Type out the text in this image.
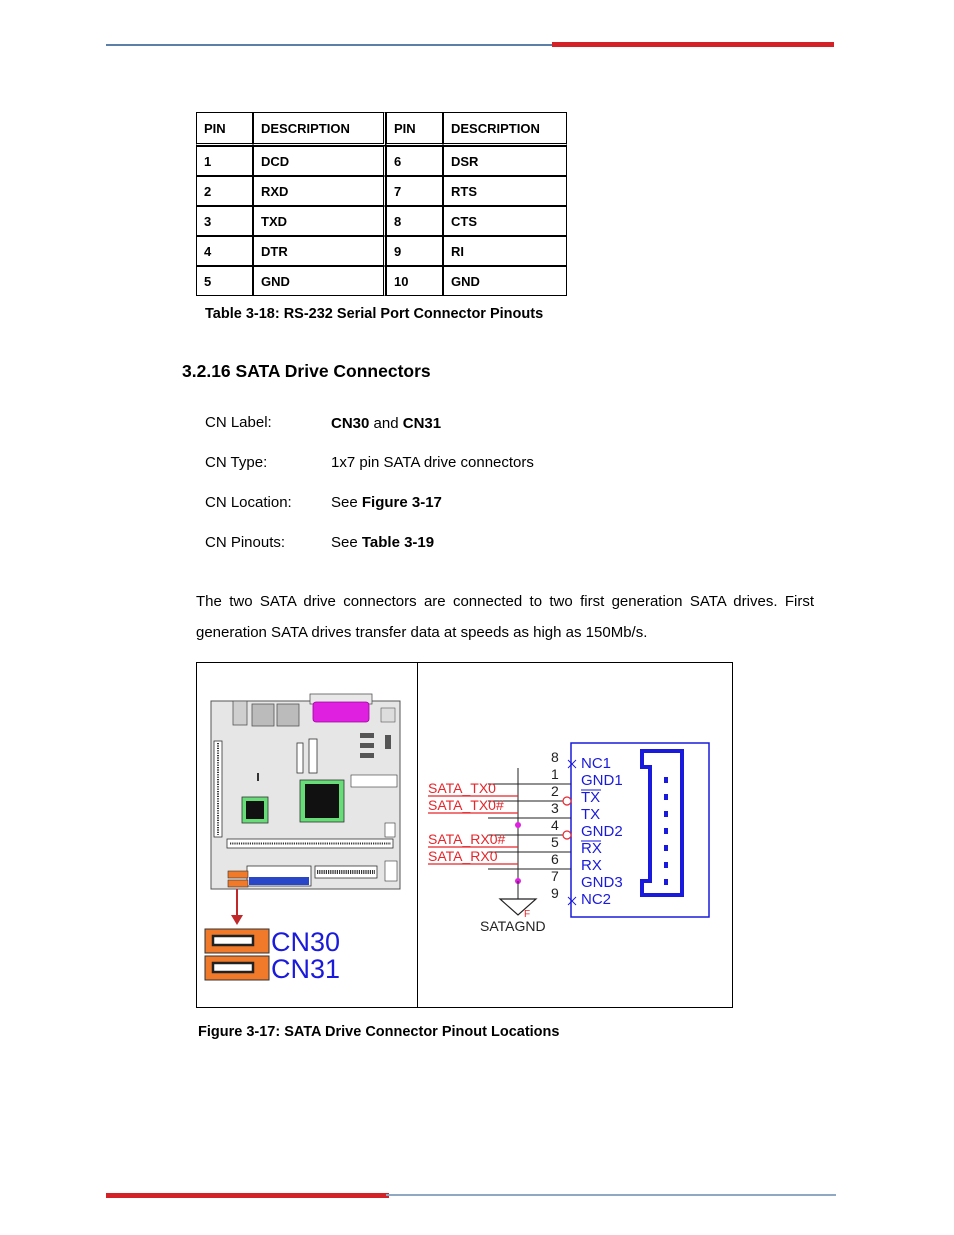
PIN	DESCRIPTION	PIN	DESCRIPTION
1	DCD	6	DSR
2	RXD	7	RTS
3	TXD	8	CTS
4	DTR	9	RI
5	GND	10	GND
Table 3-18: RS-232 Serial Port Connector Pinouts
3.2.16 SATA Drive Connectors
CN Label:	CN30 and CN31
CN Type:	1x7 pin SATA drive connectors
CN Location:	See Figure 3-17
CN Pinouts:	See Table 3-19
The two SATA drive connectors are connected to two first generation SATA drives. First generation SATA drives transfer data at speeds as high as 150Mb/s.
CN30
CN31
F
SATAGND
SATA_TX0
SATA_TX0#
SATA_RX0#
SATA_RX0
8
1
2
3
4
5
6
7
9
NC1
GND1
TX
TX
GND2
RX
RX
GND3
NC2
Figure 3-17: SATA Drive Connector Pinout Locations
